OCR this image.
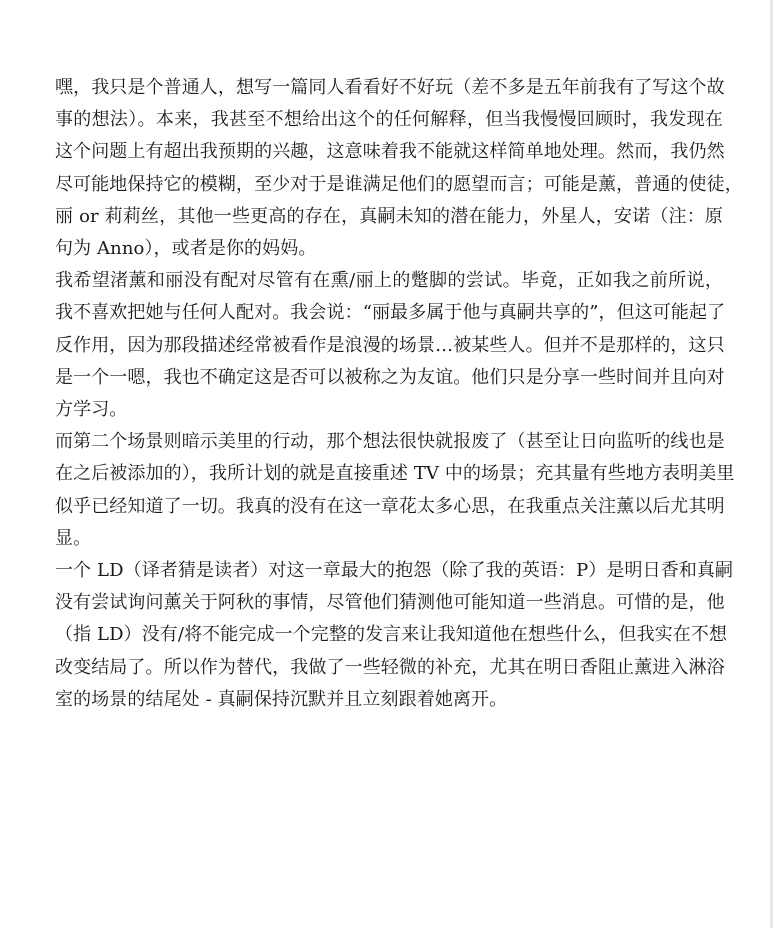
嘿，我只是个普通人，想写一篇同人看看好不好玩（差不多是五年前我有了写这个故
事的想法）。本来，我甚至不想给出这个的任何解释，但当我慢慢回顾时，我发现在
这个问题上有超出我预期的兴趣，这意味着我不能就这样简单地处理。然而，我仍然
尽可能地保持它的模糊，至少对于是谁满足他们的愿望而言；可能是薰，普通的使徒，
丽 or 莉莉丝，其他一些更高的存在，真嗣未知的潜在能力，外星人，安诺（注：原
句为 Anno），或者是你的妈妈。
我希望渚薰和丽没有配对尽管有在熏/丽上的蹩脚的尝试。毕竟，正如我之前所说，
我不喜欢把她与任何人配对。我会说：“丽最多属于他与真嗣共享的”，但这可能起了
反作用，因为那段描述经常被看作是浪漫的场景…被某些人。但并不是那样的，这只
是一个一嗯，我也不确定这是否可以被称之为友谊。他们只是分享一些时间并且向对
方学习。
而第二个场景则暗示美里的行动，那个想法很快就报废了（甚至让日向监听的线也是
在之后被添加的），我所计划的就是直接重述 TV 中的场景；充其量有些地方表明美里
似乎已经知道了一切。我真的没有在这一章花太多心思，在我重点关注薰以后尤其明
显。
一个 LD（译者猜是读者）对这一章最大的抱怨（除了我的英语：P）是明日香和真嗣
没有尝试询问薰关于阿秋的事情，尽管他们猜测他可能知道一些消息。可惜的是，他
（指 LD）没有/将不能完成一个完整的发言来让我知道他在想些什么，但我实在不想
改变结局了。所以作为替代，我做了一些轻微的补充，尤其在明日香阻止薰进入淋浴
室的场景的结尾处 - 真嗣保持沉默并且立刻跟着她离开。
